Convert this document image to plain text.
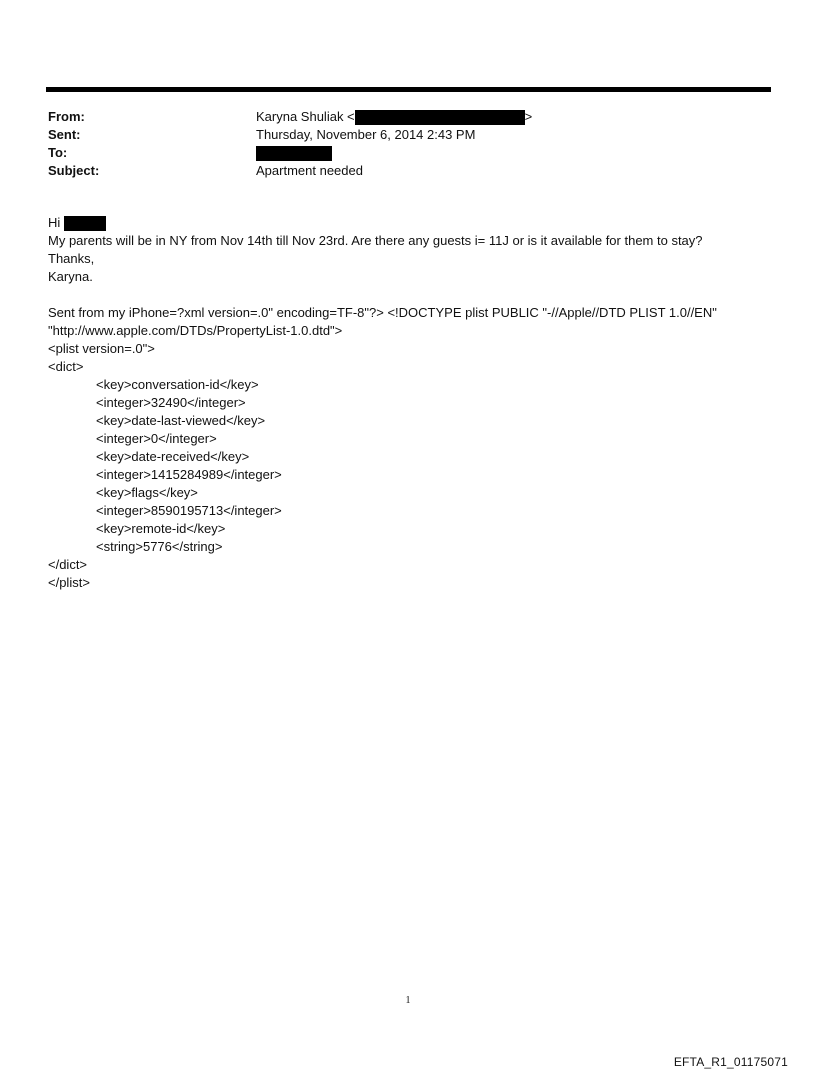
From:	Karyna Shuliak <	>
Sent:	Thursday, November 6, 2014 2:43 PM
To:
Subject:	Apartment needed
Hi
My parents will be in NY from Nov 14th till Nov 23rd. Are there any guests i= 11J or is it available for them to stay?
Thanks,
Karyna.
Sent from my iPhone=?xml version=.0" encoding=TF-8"?> <!DOCTYPE plist PUBLIC "-//Apple//DTD PLIST 1.0//EN"
"http://www.apple.com/DTDs/PropertyList-1.0.dtd">
<plist version=.0">
<dict>
<key>conversation-id</key>
<integer>32490</integer>
<key>date-last-viewed</key>
<integer>0</integer>
<key>date-received</key>
<integer>1415284989</integer>
<key>flags</key>
<integer>8590195713</integer>
<key>remote-id</key>
<string>5776</string>
</dict>
</plist>
1
EFTA_R1_01175071
